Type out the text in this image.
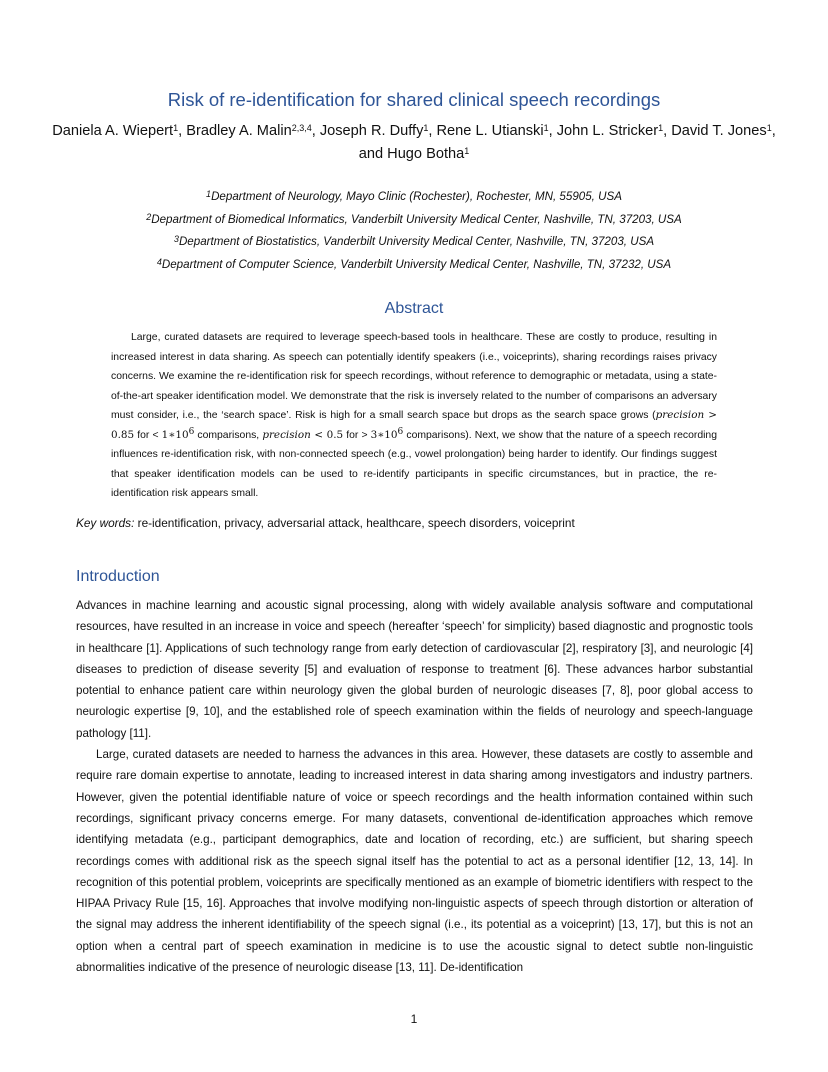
Risk of re-identification for shared clinical speech recordings
Daniela A. Wiepert$^1$, Bradley A. Malin$^{2,3,4}$, Joseph R. Duffy$^1$, Rene L. Utianski$^1$, John L. Stricker$^1$, David T. Jones$^1$, and Hugo Botha$^1$
$^1$Department of Neurology, Mayo Clinic (Rochester), Rochester, MN, 55905, USA
$^2$Department of Biomedical Informatics, Vanderbilt University Medical Center, Nashville, TN, 37203, USA
$^3$Department of Biostatistics, Vanderbilt University Medical Center, Nashville, TN, 37203, USA
$^4$Department of Computer Science, Vanderbilt University Medical Center, Nashville, TN, 37232, USA
Abstract
Large, curated datasets are required to leverage speech-based tools in healthcare. These are costly to produce, resulting in increased interest in data sharing. As speech can potentially identify speakers (i.e., voiceprints), sharing recordings raises privacy concerns. We examine the re-identification risk for speech recordings, without reference to demographic or metadata, using a state-of-the-art speaker identification model. We demonstrate that the risk is inversely related to the number of comparisons an adversary must consider, i.e., the ‘search space’. Risk is high for a small search space but drops as the search space grows (precision > 0.85 for < $1∗10^6$ comparisons, precision < 0.5 for > $3∗10^6$ comparisons). Next, we show that the nature of a speech recording influences re-identification risk, with non-connected speech (e.g., vowel prolongation) being harder to identify. Our findings suggest that speaker identification models can be used to re-identify participants in specific circumstances, but in practice, the re-identification risk appears small.
Key words: re-identification, privacy, adversarial attack, healthcare, speech disorders, voiceprint
Introduction

Advances in machine learning and acoustic signal processing, along with widely available analysis software and computational resources, have resulted in an increase in voice and speech (hereafter ‘speech’ for simplicity) based diagnostic and prognostic tools in healthcare [1]. Applications of such technology range from early detection of cardiovascular [2], respiratory [3], and neurologic [4] diseases to prediction of disease severity [5] and evaluation of response to treatment [6]. These advances harbor substantial potential to enhance patient care within neurology given the global burden of neurologic diseases [7, 8], poor global access to neurologic expertise [9, 10], and the established role of speech examination within the fields of neurology and speech-language pathology [11].

Large, curated datasets are needed to harness the advances in this area. However, these datasets are costly to assemble and require rare domain expertise to annotate, leading to increased interest in data sharing among investigators and industry partners. However, given the potential identifiable nature of voice or speech recordings and the health information contained within such recordings, significant privacy concerns emerge. For many datasets, conventional de-identification approaches which remove identifying metadata (e.g., participant demographics, date and location of recording, etc.) are sufficient, but sharing speech recordings comes with additional risk as the speech signal itself has the potential to act as a personal identifier [12, 13, 14]. In recognition of this potential problem, voiceprints are specifically mentioned as an example of biometric identifiers with respect to the HIPAA Privacy Rule [15, 16]. Approaches that involve modifying non-linguistic aspects of speech through distortion or alteration of the signal may address the inherent identifiability of the speech signal (i.e., its potential as a voiceprint) [13, 17], but this is not an option when a central part of speech examination in medicine is to use the acoustic signal to detect subtle non-linguistic abnormalities indicative of the presence of neurologic disease [13, 11]. De-identification

1
